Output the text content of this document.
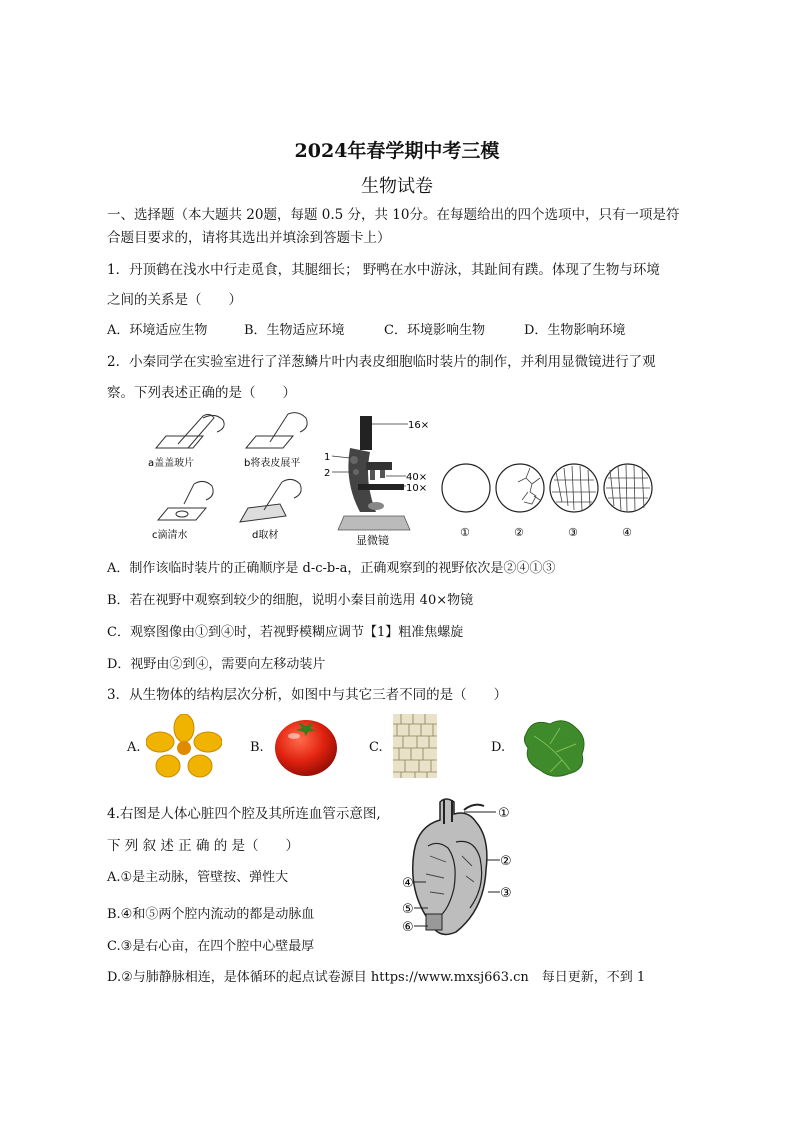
2024年春学期中考三模
生物试卷
一、选择题（本大题共 20题，每题 0.5 分，共 10分。在每题给出的四个选项中，只有一项是符
合题目要求的，请将其选出并填涂到答题卡上）
1．丹顶鹤在浅水中行走觅食，其腿细长； 野鸭在水中游泳，其趾间有蹼。体现了生物与环境
之间的关系是（　　）
A．环境适应生物	B．生物适应环境	C．环境影响生物	D．生物影响环境
2．小秦同学在实验室进行了洋葱鳞片叶内表皮细胞临时装片的制作，并利用显微镜进行了观
察。下列表述正确的是（　　）
a盖盖玻片	b将表皮展平
c滴清水	d取材
16×
1
2	40×
10×
显微镜
①	②	③	④
A．制作该临时装片的正确顺序是 d-c-b-a，正确观察到的视野依次是②④①③
B．若在视野中观察到较少的细胞，说明小秦目前选用 40×物镜
C．观察图像由①到④时，若视野模糊应调节【1】粗准焦螺旋
D．视野由②到④，需要向左移动装片
3．从生物体的结构层次分析，如图中与其它三者不同的是（　　）
A.	B.	C.	D.
4.右图是人体心脏四个腔及其所连血管示意图,
下 列 叙 述 正 确 的 是（　　）
A.①是主动脉，管壁按、弹性大
B.④和⑤两个腔内流动的都是动脉血
C.③是右心亩，在四个腔中心壁最厚
D.②与肺静脉相连，是体循环的起点试卷源目 https://www.mxsj663.cn　每日更新，不到 1
①
②
③
④
⑤
⑥
